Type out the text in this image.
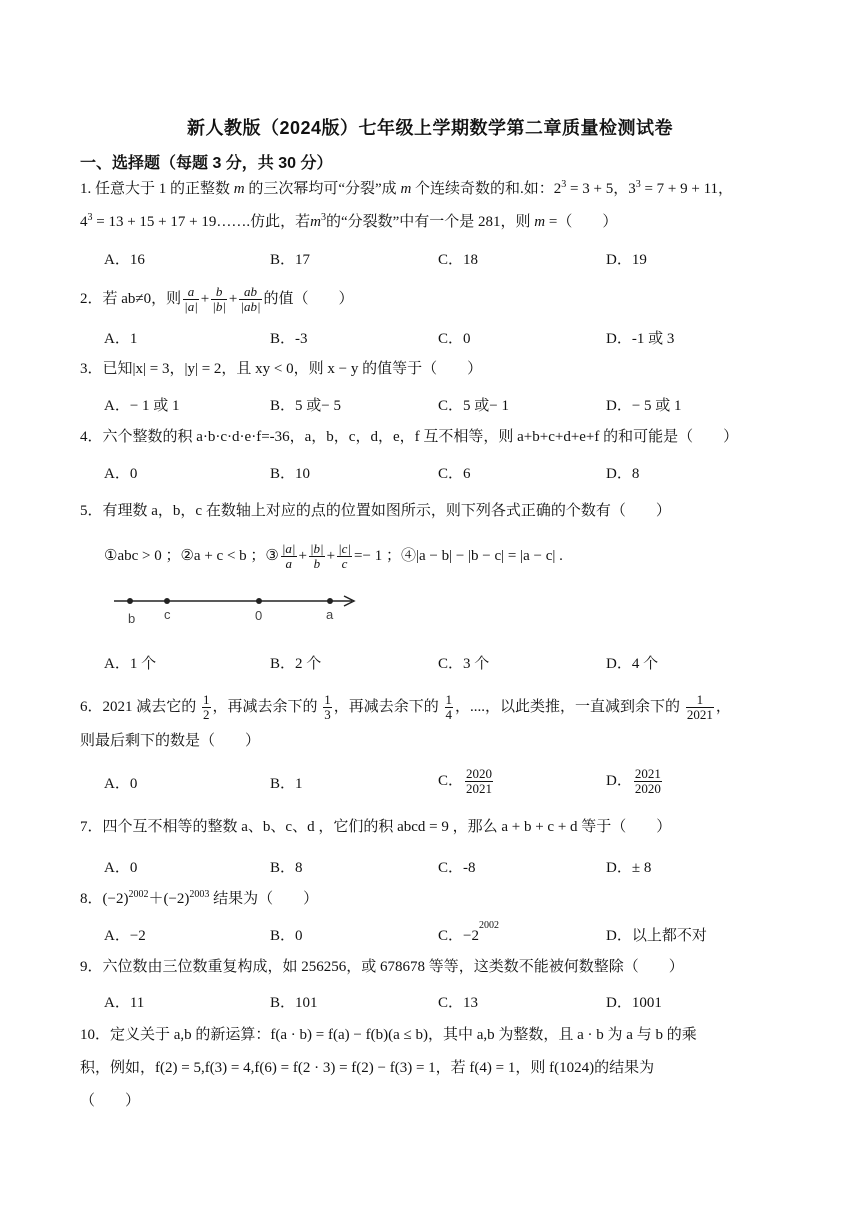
新人教版（2024版）七年级上学期数学第二章质量检测试卷
一、选择题（每题 3 分，共 30 分）
1. 任意大于 1 的正整数 m 的三次幂均可“分裂”成 m 个连续奇数的和.如：$2^3 = 3 + 5$，$3^3 = 7 + 9 + 11$，
$4^3 = 13 + 15 + 17$ + 19…….仿此，若$m^3$的“分裂数”中有一个是 281，则 m =（　　）
A．16	B．17	C．18	D．19
2．若 ab≠0，则 $\frac{a}{|a|} + \frac{b}{|b|} + \frac{ab}{|ab|}$ 的值（　　）
A．1	B．-3	C．0	D．-1 或 3
3．已知|x| = 3，|y| = 2，且 xy < 0，则 x − y 的值等于（　　）
A．− 1 或 1	B．5 或− 5	C．5 或− 1	D．− 5 或 1
4．六个整数的积 a·b·c·d·e·f=-36，a，b，c，d，e，f 互不相等，则 a+b+c+d+e+f 的和可能是（　　）
A．0	B．10	C．6	D．8
5．有理数 a，b，c 在数轴上对应的点的位置如图所示，则下列各式正确的个数有（　　）
①abc > 0 ；②a + c < b ；③ $\frac{|a|}{a} + \frac{|b|}{b} + \frac{|c|}{c} =- 1$ ；④|a − b| − |b − c| = |a − c| .
b c	0	a
A．1 个	B．2 个	C．3 个	D．4 个
6．2021 减去它的 $\frac{1}{2}$ ，再减去余下的 $\frac{1}{3}$ ，再减去余下的 $\frac{1}{4}$ ，....，以此类推，一直减到余下的 $\frac{1}{2021}$ ，
则最后剩下的数是（　　）
A．0	B．1	C． $\frac{2020}{2021}$	D． $\frac{2021}{2020}$
7．四个互不相等的整数 a、b、c、d ，它们的积 abcd = 9 ，那么 a + b + c + d 等于（　　）
A．0	B．8	C．-8	D．± 8
8．$(-2)^{2002}+(-2)^{2003}$ 结果为（　　）
A．−2	B．0	C．$-2^{2002}$
D．以上都不对
9．六位数由三位数重复构成，如 256256，或 678678 等等，这类数不能被何数整除（　　）
A．11	B．101	C．13	D．1001
10．定义关于 a,b 的新运算：f(a · b) = f(a) − f(b)(a ≤ b)，其中 a,b 为整数，且 a · b 为 a 与 b 的乘
积，例如，f(2) = 5,f(3) = 4,f(6) = f(2 · 3) = f(2) − f(3) = 1，若 f(4) = 1，则 f(1024)的结果为
（　　）
